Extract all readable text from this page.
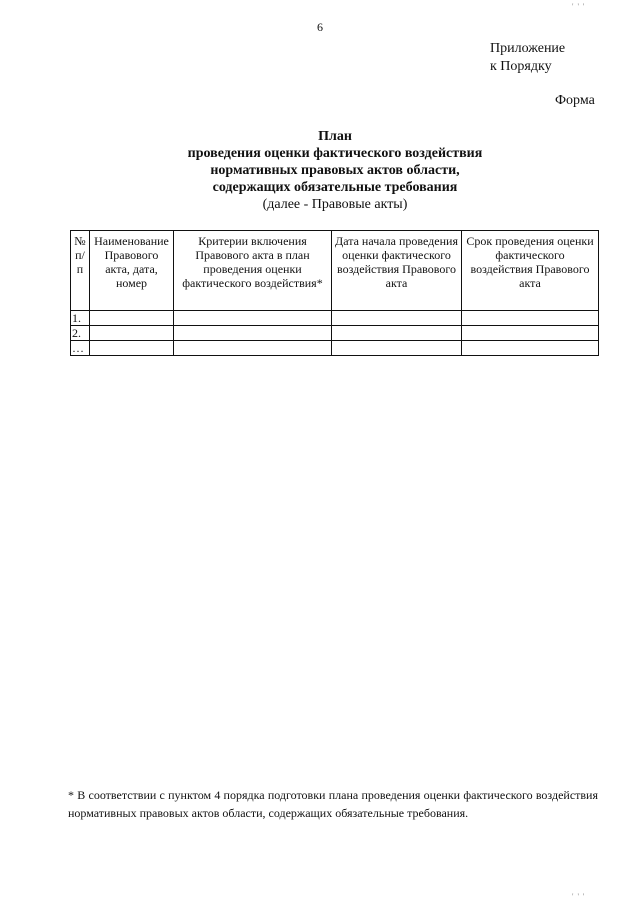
6
Приложение
к Порядку
Форма
План
проведения оценки фактического воздействия
нормативных правовых актов области,
содержащих обязательные требования
(далее - Правовые акты)
№ п/п	Наименование Правового акта, дата, номер	Критерии включения Правового акта в план проведения оценки фактического воздействия*	Дата начала проведения оценки фактического воздействия Правового акта	Срок проведения оценки фактического воздействия Правового акта
1.				
2.				
…				
* В соответствии с пунктом 4 порядка подготовки плана проведения оценки фактического воздействия нормативных правовых актов области, содержащих обязательные требования.
' ' '
' ' '
